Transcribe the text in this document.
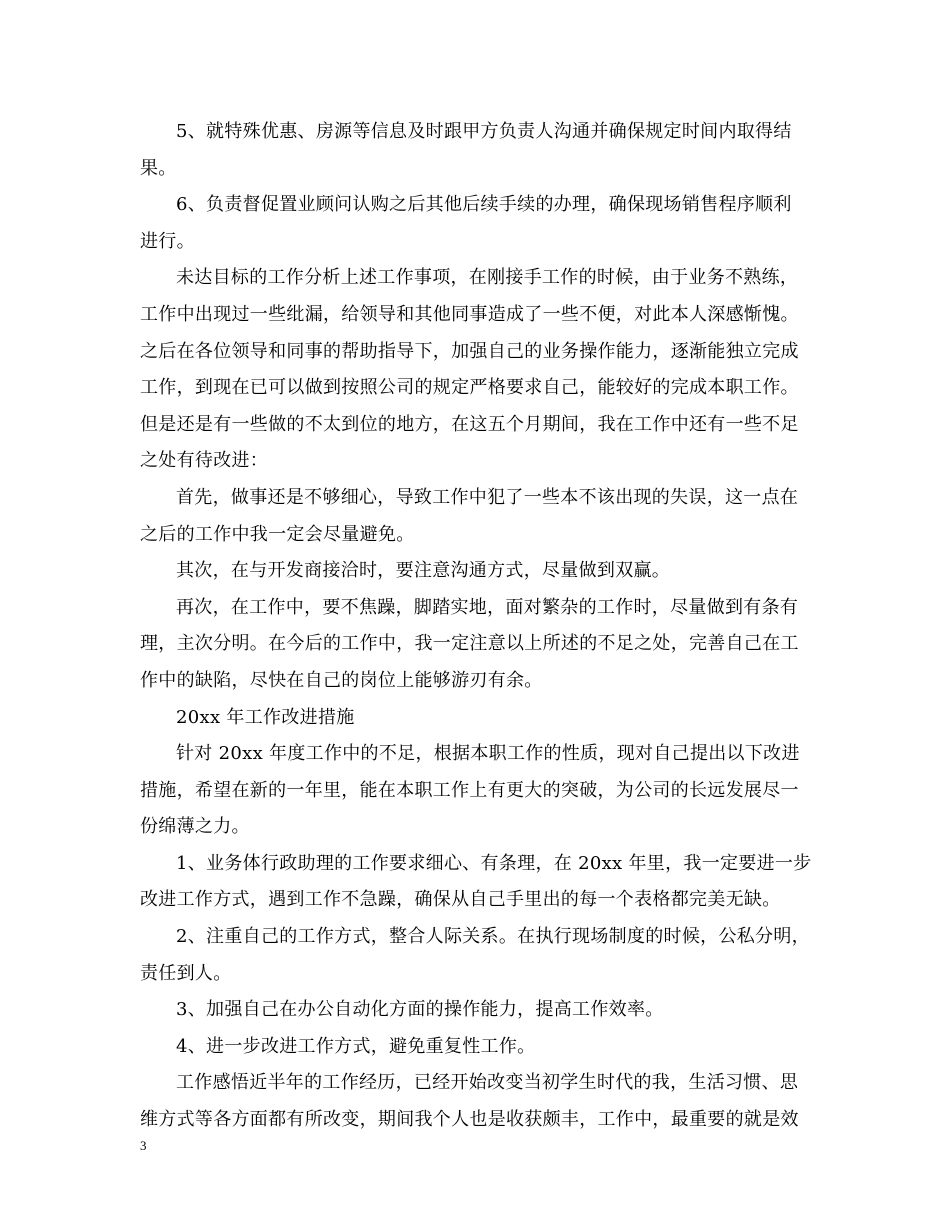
5、就特殊优惠、房源等信息及时跟甲方负责人沟通并确保规定时间内取得结
果。

6、负责督促置业顾问认购之后其他后续手续的办理，确保现场销售程序顺利
进行。

未达目标的工作分析上述工作事项，在刚接手工作的时候，由于业务不熟练，
工作中出现过一些纰漏，给领导和其他同事造成了一些不便，对此本人深感惭愧。
之后在各位领导和同事的帮助指导下，加强自己的业务操作能力，逐渐能独立完成
工作，到现在已可以做到按照公司的规定严格要求自己，能较好的完成本职工作。
但是还是有一些做的不太到位的地方，在这五个月期间，我在工作中还有一些不足
之处有待改进：

首先，做事还是不够细心，导致工作中犯了一些本不该出现的失误，这一点在
之后的工作中我一定会尽量避免。

其次，在与开发商接洽时，要注意沟通方式，尽量做到双赢。

再次，在工作中，要不焦躁，脚踏实地，面对繁杂的工作时，尽量做到有条有
理，主次分明。在今后的工作中，我一定注意以上所述的不足之处，完善自己在工
作中的缺陷，尽快在自己的岗位上能够游刃有余。

20xx 年工作改进措施

针对 20xx 年度工作中的不足，根据本职工作的性质，现对自己提出以下改进
措施，希望在新的一年里，能在本职工作上有更大的突破，为公司的长远发展尽一
份绵薄之力。

1、业务体行政助理的工作要求细心、有条理，在 20xx 年里，我一定要进一步
改进工作方式，遇到工作不急躁，确保从自己手里出的每一个表格都完美无缺。

2、注重自己的工作方式，整合人际关系。在执行现场制度的时候，公私分明，
责任到人。

3、加强自己在办公自动化方面的操作能力，提高工作效率。

4、进一步改进工作方式，避免重复性工作。

工作感悟近半年的工作经历，已经开始改变当初学生时代的我，生活习惯、思
维方式等各方面都有所改变，期间我个人也是收获颇丰，工作中，最重要的就是效

3
